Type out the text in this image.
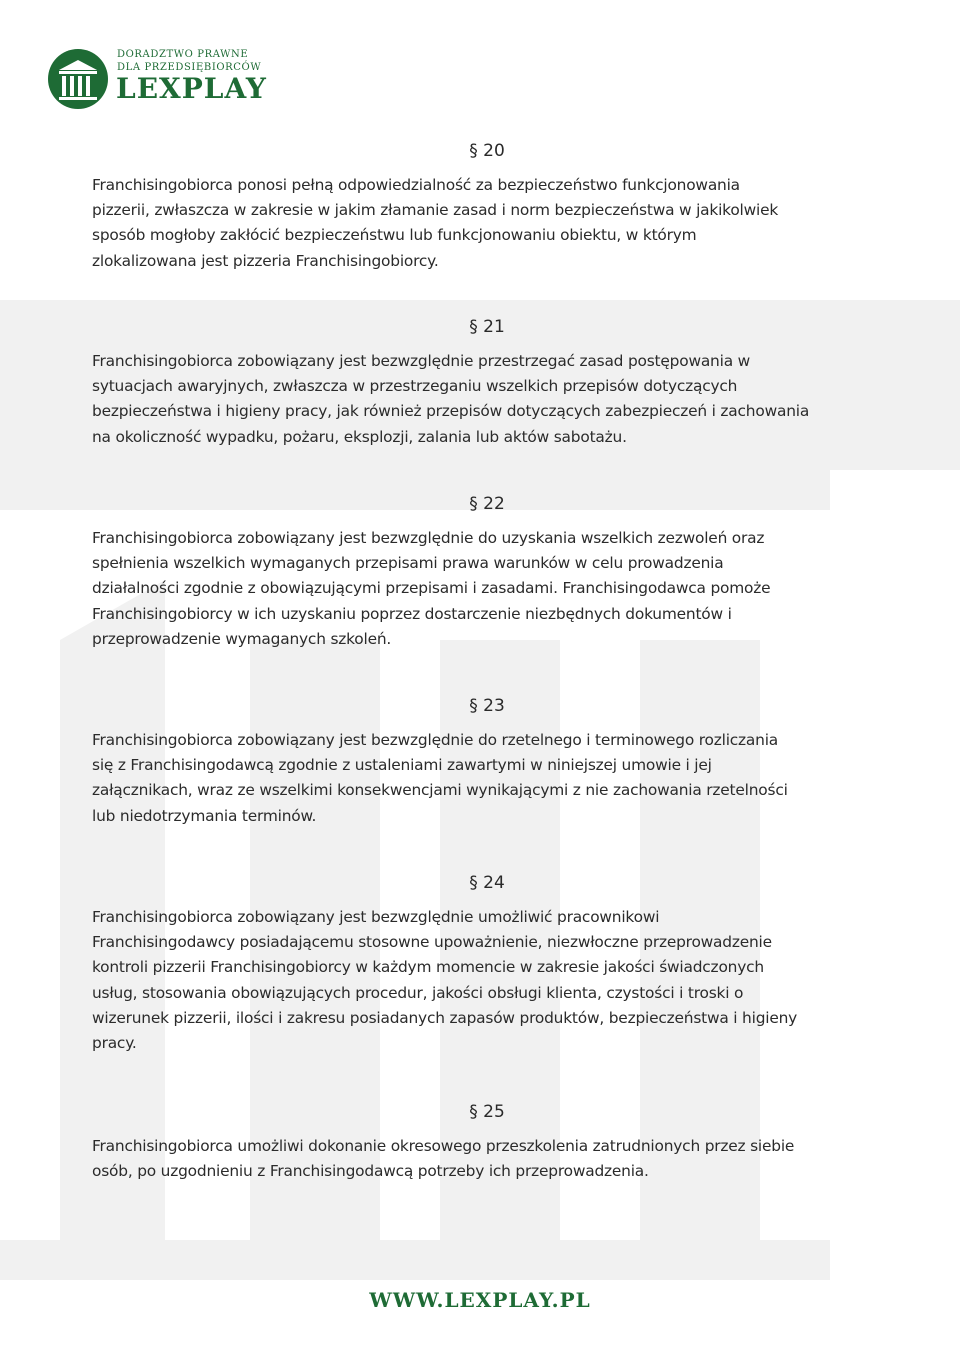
DORADZTWO PRAWNE
DLA PRZEDSIĘBIORCÓW
LEXPLAY
§ 20
Franchisingobiorca ponosi pełną odpowiedzialność za bezpieczeństwo funkcjonowania
pizzerii, zwłaszcza w zakresie w jakim złamanie zasad i norm bezpieczeństwa w jakikolwiek
sposób mogłoby zakłócić bezpieczeństwu lub funkcjonowaniu obiektu, w którym
zlokalizowana jest pizzeria Franchisingobiorcy.
§ 21
Franchisingobiorca zobowiązany jest bezwzględnie przestrzegać zasad postępowania w
sytuacjach awaryjnych, zwłaszcza w przestrzeganiu wszelkich przepisów dotyczących
bezpieczeństwa i higieny pracy, jak również przepisów dotyczących zabezpieczeń i zachowania
na okoliczność wypadku, pożaru, eksplozji, zalania lub aktów sabotażu.
§ 22
Franchisingobiorca zobowiązany jest bezwzględnie do uzyskania wszelkich zezwoleń oraz
spełnienia wszelkich wymaganych przepisami prawa warunków w celu prowadzenia
działalności zgodnie z obowiązującymi przepisami i zasadami. Franchisingodawca pomoże
Franchisingobiorcy w ich uzyskaniu poprzez dostarczenie niezbędnych dokumentów i
przeprowadzenie wymaganych szkoleń.
§ 23
Franchisingobiorca zobowiązany jest bezwzględnie do rzetelnego i terminowego rozliczania
się z Franchisingodawcą zgodnie z ustaleniami zawartymi w niniejszej umowie i jej
załącznikach, wraz ze wszelkimi konsekwencjami wynikającymi z nie zachowania rzetelności
lub niedotrzymania terminów.
§ 24
Franchisingobiorca zobowiązany jest bezwzględnie umożliwić pracownikowi
Franchisingodawcy posiadającemu stosowne upoważnienie, niezwłoczne przeprowadzenie
kontroli pizzerii Franchisingobiorcy w każdym momencie w zakresie jakości świadczonych
usług, stosowania obowiązujących procedur, jakości obsługi klienta, czystości i troski o
wizerunek pizzerii, ilości i zakresu posiadanych zapasów produktów, bezpieczeństwa i higieny
pracy.
§ 25
Franchisingobiorca umożliwi dokonanie okresowego przeszkolenia zatrudnionych przez siebie
osób, po uzgodnieniu z Franchisingodawcą potrzeby ich przeprowadzenia.
WWW.LEXPLAY.PL
